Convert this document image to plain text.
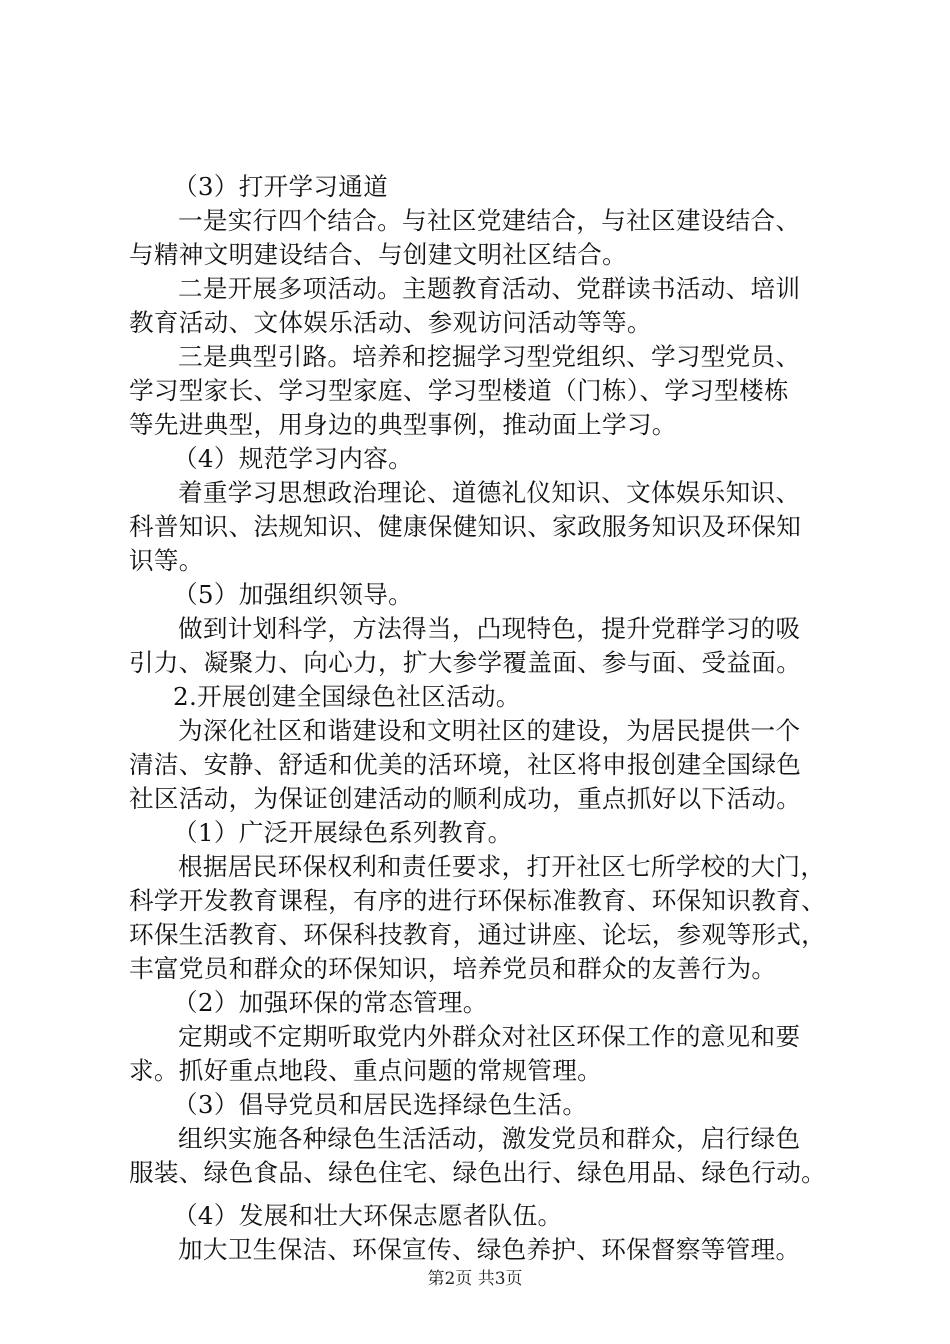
（3）打开学习通道
一是实行四个结合。与社区党建结合，与社区建设结合、
与精神文明建设结合、与创建文明社区结合。
二是开展多项活动。主题教育活动、党群读书活动、培训
教育活动、文体娱乐活动、参观访问活动等等。
三是典型引路。培养和挖掘学习型党组织、学习型党员、
学习型家长、学习型家庭、学习型楼道（门栋）、学习型楼栋
等先进典型，用身边的典型事例，推动面上学习。
（4）规范学习内容。
着重学习思想政治理论、道德礼仪知识、文体娱乐知识、
科普知识、法规知识、健康保健知识、家政服务知识及环保知
识等。
（5）加强组织领导。
做到计划科学，方法得当，凸现特色，提升党群学习的吸
引力、凝聚力、向心力，扩大参学覆盖面、参与面、受益面。
2.开展创建全国绿色社区活动。
为深化社区和谐建设和文明社区的建设，为居民提供一个
清洁、安静、舒适和优美的活环境，社区将申报创建全国绿色
社区活动，为保证创建活动的顺利成功，重点抓好以下活动。
（1）广泛开展绿色系列教育。
根据居民环保权利和责任要求，打开社区七所学校的大门，
科学开发教育课程，有序的进行环保标准教育、环保知识教育、
环保生活教育、环保科技教育，通过讲座、论坛，参观等形式，
丰富党员和群众的环保知识，培养党员和群众的友善行为。
（2）加强环保的常态管理。
定期或不定期听取党内外群众对社区环保工作的意见和要
求。抓好重点地段、重点问题的常规管理。
（3）倡导党员和居民选择绿色生活。
组织实施各种绿色生活活动，激发党员和群众，启行绿色
服装、绿色食品、绿色住宅、绿色出行、绿色用品、绿色行动。
（4）发展和壮大环保志愿者队伍。
加大卫生保洁、环保宣传、绿色养护、环保督察等管理。
第2页 共3页
